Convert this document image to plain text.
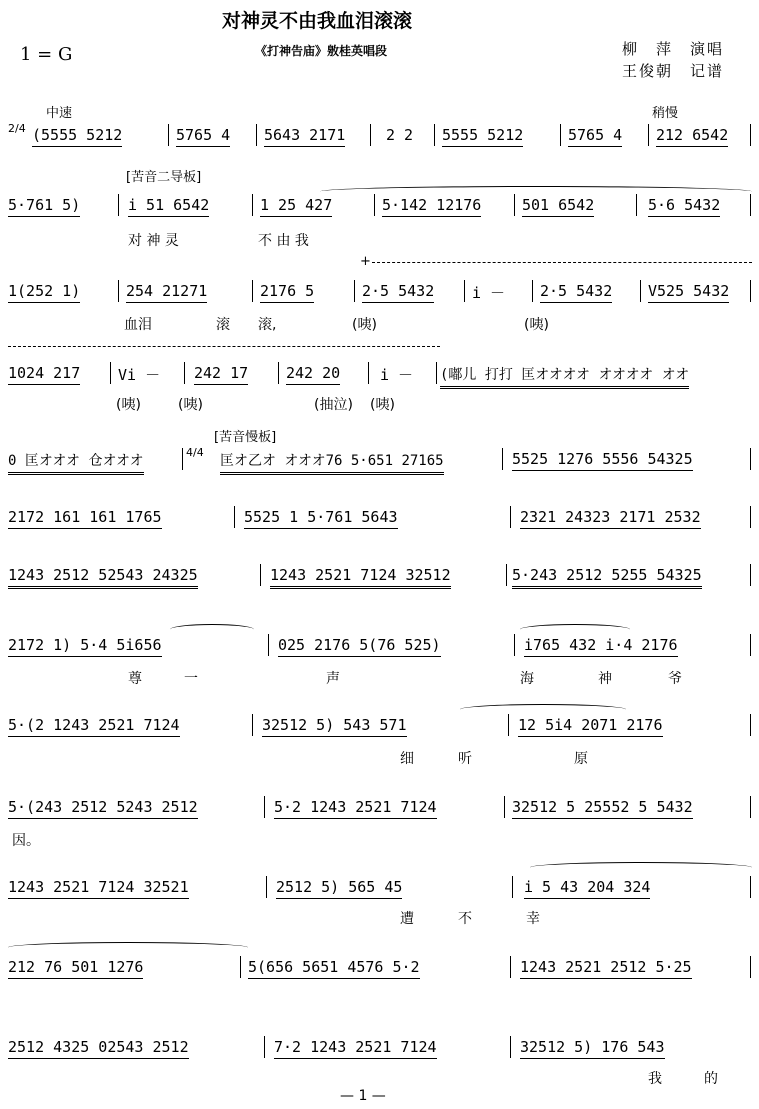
对神灵不由我血泪滚滚
《打神告庙》敫桂英唱段
1 = G	柳　萍　演唱
王俊朝　记谱
中速	稍慢
2/4
[苦音二导板]
[苦音慢板]
4/4
(5555 5212	5765 4 5643 2171	2 2 5555 5212	5765 4 212 6542
5·761 5)	i 51 6542	1 25 427	5·142 12176	501 6542	5·6 5432
对 神 灵	不 由 我
+
1(252 1)	254 21271	2176 5	2·5 5432	i － 2·5 5432 V525 5432
血泪	滚 滚,	(咦)	(咦)
1024 217	Vi － 242 17	242 20	i － (嘟儿 打打 匡オオオオ オオオオ オオ
(咦)	(咦)	(抽泣) (咦)
0 匡オオオ 仓オオオ	匡オ乙オ オオオ76 5·651 27165	5525 1276 5556 54325
2172 161 161 1765	5525 1 5·761 5643	2321 24323 2171 2532
1243 2512 52543 24325	1243 2521 7124 32512	5·243 2512 5255 54325
2172 1) 5·4 5i656	025 2176 5(76 525)	i765 432 i·4 2176
尊	一	声	海	神	爷
5·(2 1243 2521 7124	32512 5) 543 571	12 5i4 2071 2176
细	听	原
5·(243 2512 5243 2512	5·2 1243 2521 7124	32512 5 25552 5 5432
因。
1243 2521 7124 32521	2512 5) 565 45	i 5 43 204 324
遭	不	幸
212 76 501 1276	5(656 5651 4576 5·2	1243 2521 2512 5·25
2512 4325 02543 2512	7·2 1243 2521 7124	32512 5) 176 543
我	的
— 1 —
